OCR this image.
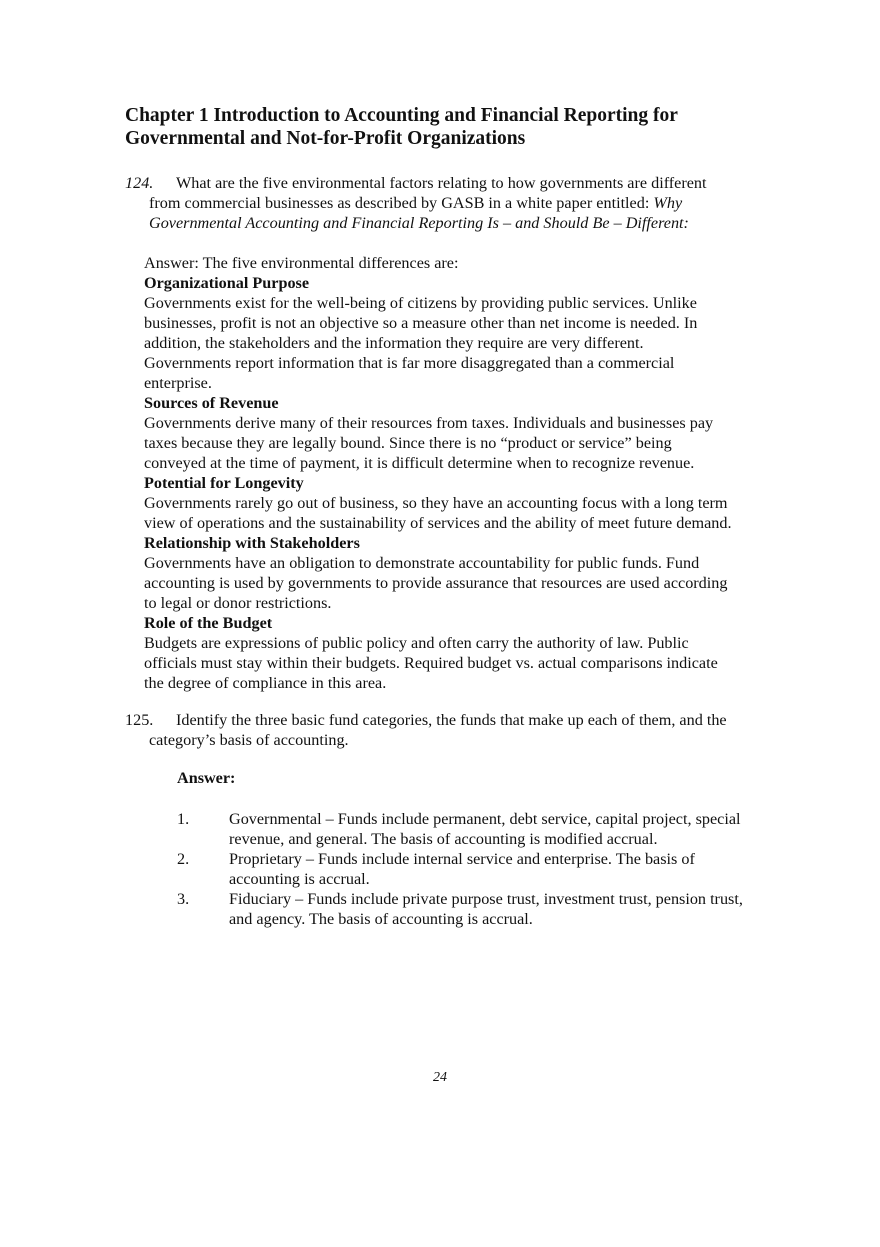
Chapter 1 Introduction to Accounting and Financial Reporting for
Governmental and Not-for-Profit Organizations
124. What are the five environmental factors relating to how governments are different
from commercial businesses as described by GASB in a white paper entitled: Why
Governmental Accounting and Financial Reporting Is – and Should Be – Different:
Answer: The five environmental differences are:
Organizational Purpose
Governments exist for the well-being of citizens by providing public services. Unlike
businesses, profit is not an objective so a measure other than net income is needed. In
addition, the stakeholders and the information they require are very different.
Governments report information that is far more disaggregated than a commercial
enterprise.
Sources of Revenue
Governments derive many of their resources from taxes. Individuals and businesses pay
taxes because they are legally bound. Since there is no “product or service” being
conveyed at the time of payment, it is difficult determine when to recognize revenue.
Potential for Longevity
Governments rarely go out of business, so they have an accounting focus with a long term
view of operations and the sustainability of services and the ability of meet future demand.
Relationship with Stakeholders
Governments have an obligation to demonstrate accountability for public funds. Fund
accounting is used by governments to provide assurance that resources are used according
to legal or donor restrictions.
Role of the Budget
Budgets are expressions of public policy and often carry the authority of law. Public
officials must stay within their budgets. Required budget vs. actual comparisons indicate
the degree of compliance in this area.
125. Identify the three basic fund categories, the funds that make up each of them, and the
category’s basis of accounting.
Answer:
1. Governmental – Funds include permanent, debt service, capital project, special
revenue, and general. The basis of accounting is modified accrual.
2. Proprietary – Funds include internal service and enterprise. The basis of
accounting is accrual.
3. Fiduciary – Funds include private purpose trust, investment trust, pension trust,
and agency. The basis of accounting is accrual.
24
